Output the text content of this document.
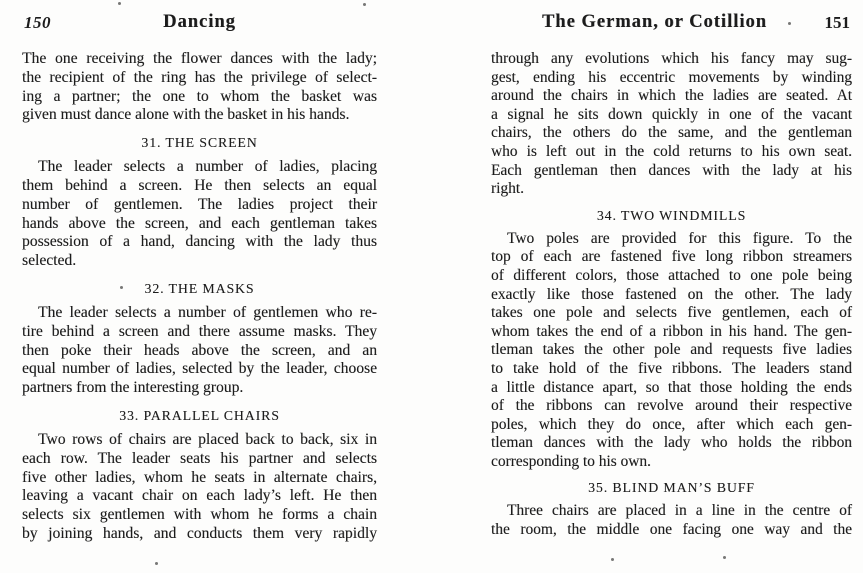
150	Dancing
The one receiving the flower dances with the lady;
the recipient of the ring has the privilege of select-
ing a partner; the one to whom the basket was
given must dance alone with the basket in his hands.
31. THE SCREEN
The leader selects a number of ladies, placing
them behind a screen. He then selects an equal
number of gentlemen. The ladies project their
hands above the screen, and each gentleman takes
possession of a hand, dancing with the lady thus
selected.
32. THE MASKS
The leader selects a number of gentlemen who re-
tire behind a screen and there assume masks. They
then poke their heads above the screen, and an
equal number of ladies, selected by the leader, choose
partners from the interesting group.
33. PARALLEL CHAIRS
Two rows of chairs are placed back to back, six in
each row. The leader seats his partner and selects
five other ladies, whom he seats in alternate chairs,
leaving a vacant chair on each lady’s left. He then
selects six gentlemen with whom he forms a chain
by joining hands, and conducts them very rapidly
The German, or Cotillion	151
through any evolutions which his fancy may sug-
gest, ending his eccentric movements by winding
around the chairs in which the ladies are seated. At
a signal he sits down quickly in one of the vacant
chairs, the others do the same, and the gentleman
who is left out in the cold returns to his own seat.
Each gentleman then dances with the lady at his
right.
34. TWO WINDMILLS
Two poles are provided for this figure. To the
top of each are fastened five long ribbon streamers
of different colors, those attached to one pole being
exactly like those fastened on the other. The lady
takes one pole and selects five gentlemen, each of
whom takes the end of a ribbon in his hand. The gen-
tleman takes the other pole and requests five ladies
to take hold of the five ribbons. The leaders stand
a little distance apart, so that those holding the ends
of the ribbons can revolve around their respective
poles, which they do once, after which each gen-
tleman dances with the lady who holds the ribbon
corresponding to his own.
35. BLIND MAN’S BUFF
Three chairs are placed in a line in the centre of
the room, the middle one facing one way and the
